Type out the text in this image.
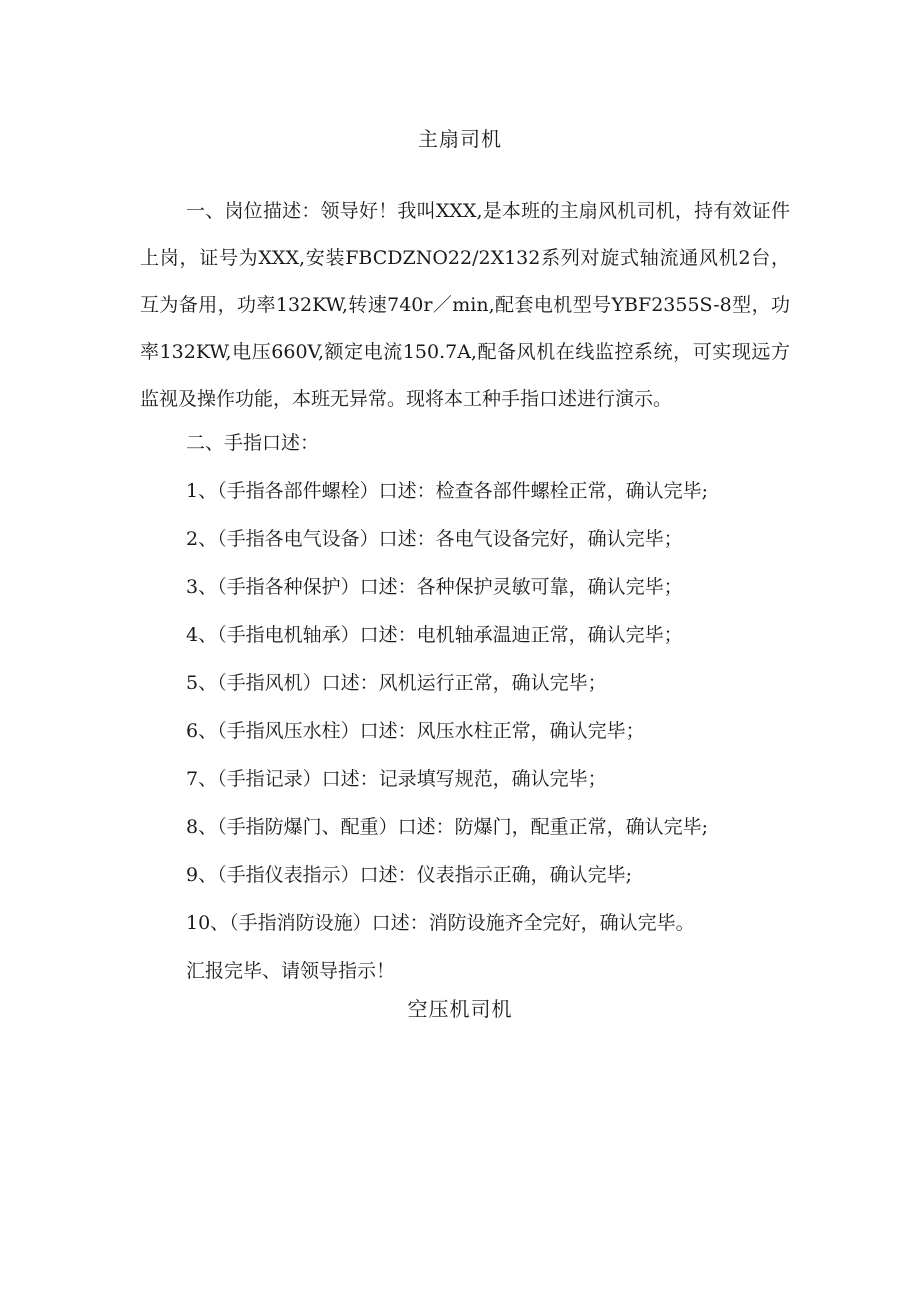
主扇司机

一、岗位描述：领导好！我叫XXX,是本班的主扇风机司机，持有效证件上岗，证号为XXX,安装FBCDZNO22/2X132系列对旋式轴流通风机2台，互为备用，功率132KW,转速740r／min,配套电机型号YBF2355S-8型，功率132KW,电压660V,额定电流150.7A,配备风机在线监控系统，可实现远方监视及操作功能，本班无异常。现将本工种手指口述进行演示。

二、手指口述：

1、（手指各部件螺栓）口述：检查各部件螺栓正常，确认完毕;

2、（手指各电气设备）口述：各电气设备完好，确认完毕；

3、（手指各种保护）口述：各种保护灵敏可靠，确认完毕；

4、（手指电机轴承）口述：电机轴承温迪正常，确认完毕；

5、（手指风机）口述：风机运行正常，确认完毕；

6、（手指风压水柱）口述：风压水柱正常，确认完毕；

7、（手指记录）口述：记录填写规范，确认完毕；

8、（手指防爆门、配重）口述：防爆门，配重正常，确认完毕;

9、（手指仪表指示）口述：仪表指示正确，确认完毕;

10、（手指消防设施）口述：消防设施齐全完好，确认完毕。

汇报完毕、请领导指示！

空压机司机
